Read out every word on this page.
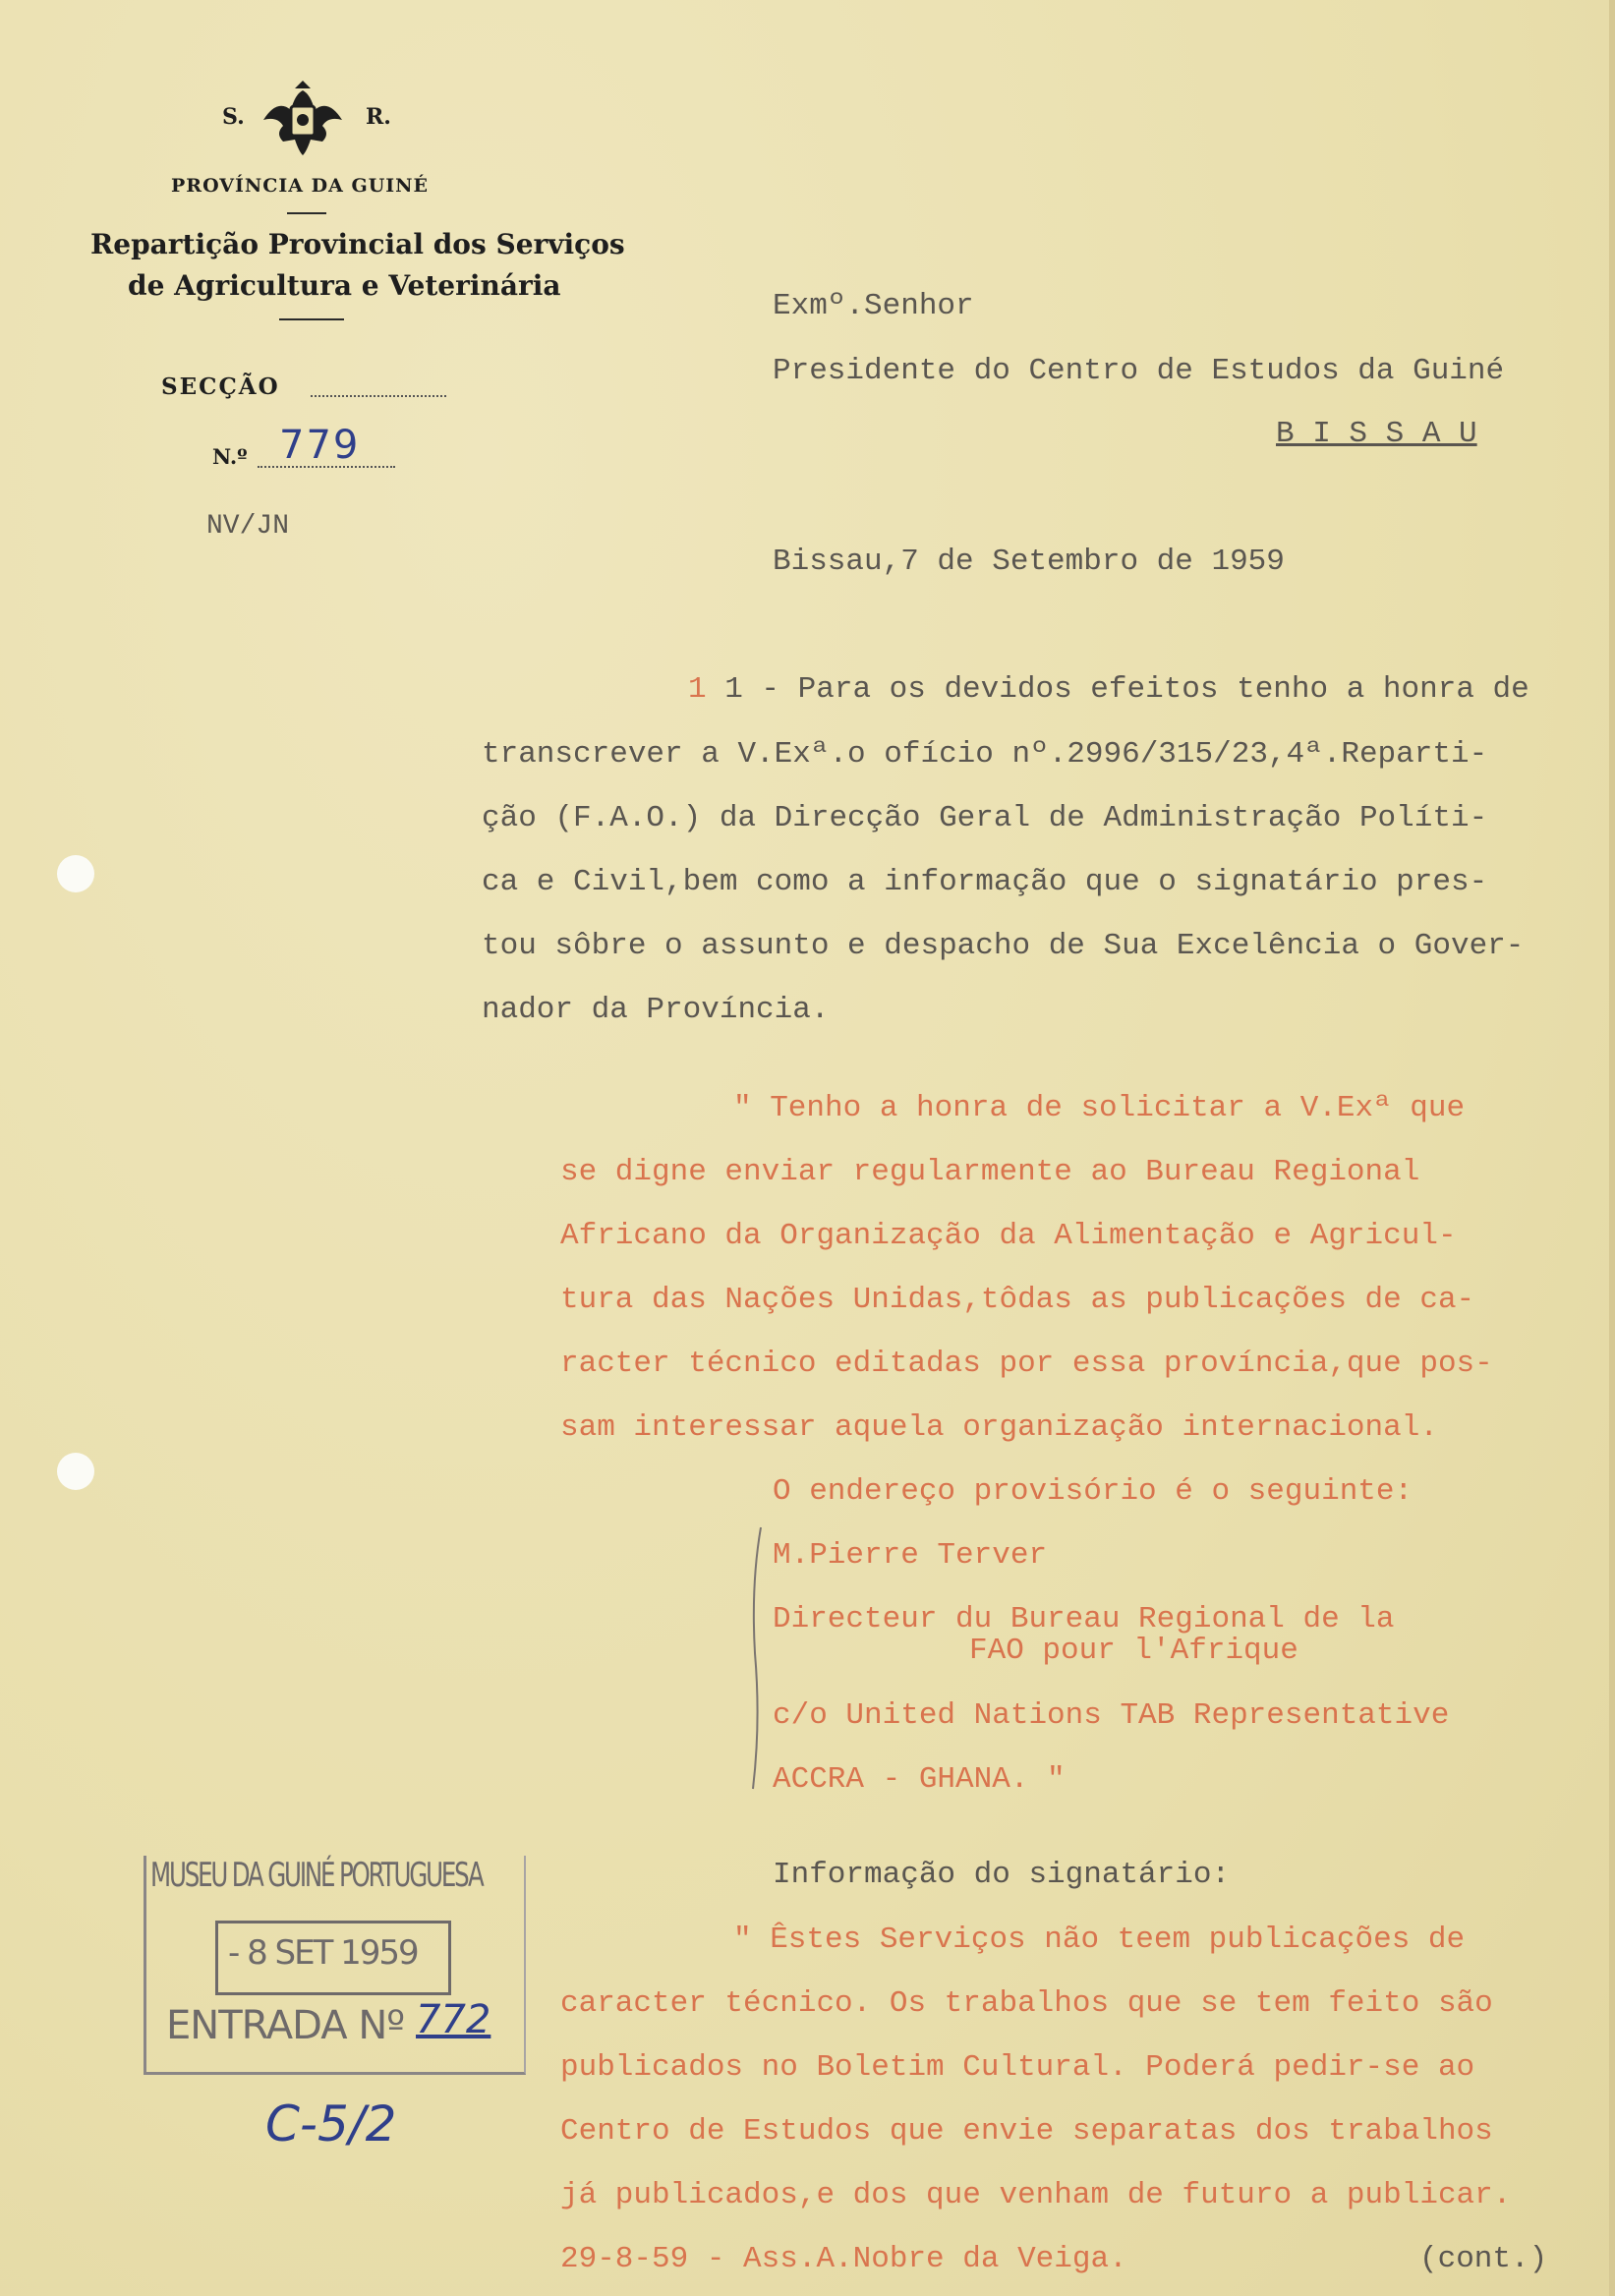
S.	R.
PROVÍNCIA DA GUINÉ
Repartição Provincial dos Serviços
de Agricultura e Veterinária
SECÇÃO
N.º 779
NV/JN
Exmº.Senhor
Presidente do Centro de Estudos da Guiné
B I S S A U
Bissau,7 de Setembro de 1959
1 1 - Para os devidos efeitos tenho a honra de
transcrever a V.Exª.o ofício nº.2996/315/23,4ª.Reparti-
ção (F.A.O.) da Direcção Geral de Administração Políti-
ca e Civil,bem como a informação que o signatário pres-
tou sôbre o assunto e despacho de Sua Excelência o Gover-
nador da Província.
" Tenho a honra de solicitar a V.Exª que
se digne enviar regularmente ao Bureau Regional
Africano da Organização da Alimentação e Agricul-
tura das Nações Unidas,tôdas as publicações de ca-
racter técnico editadas por essa província,que pos-
sam interessar aquela organização internacional.
O endereço provisório é o seguinte:
M.Pierre Terver
Directeur du Bureau Regional de la
FAO pour l'Afrique
c/o United Nations TAB Representative
ACCRA - GHANA. "
Informação do signatário:
" Êstes Serviços não teem publicações de
caracter técnico. Os trabalhos que se tem feito são
publicados no Boletim Cultural. Poderá pedir-se ao
Centro de Estudos que envie separatas dos trabalhos
já publicados,e dos que venham de futuro a publicar.
29-8-59 - Ass.A.Nobre da Veiga.	(cont.)
MUSEU DA GUINÉ PORTUGUESA
- 8 SET 1959
ENTRADA Nº 772
C-5/2
